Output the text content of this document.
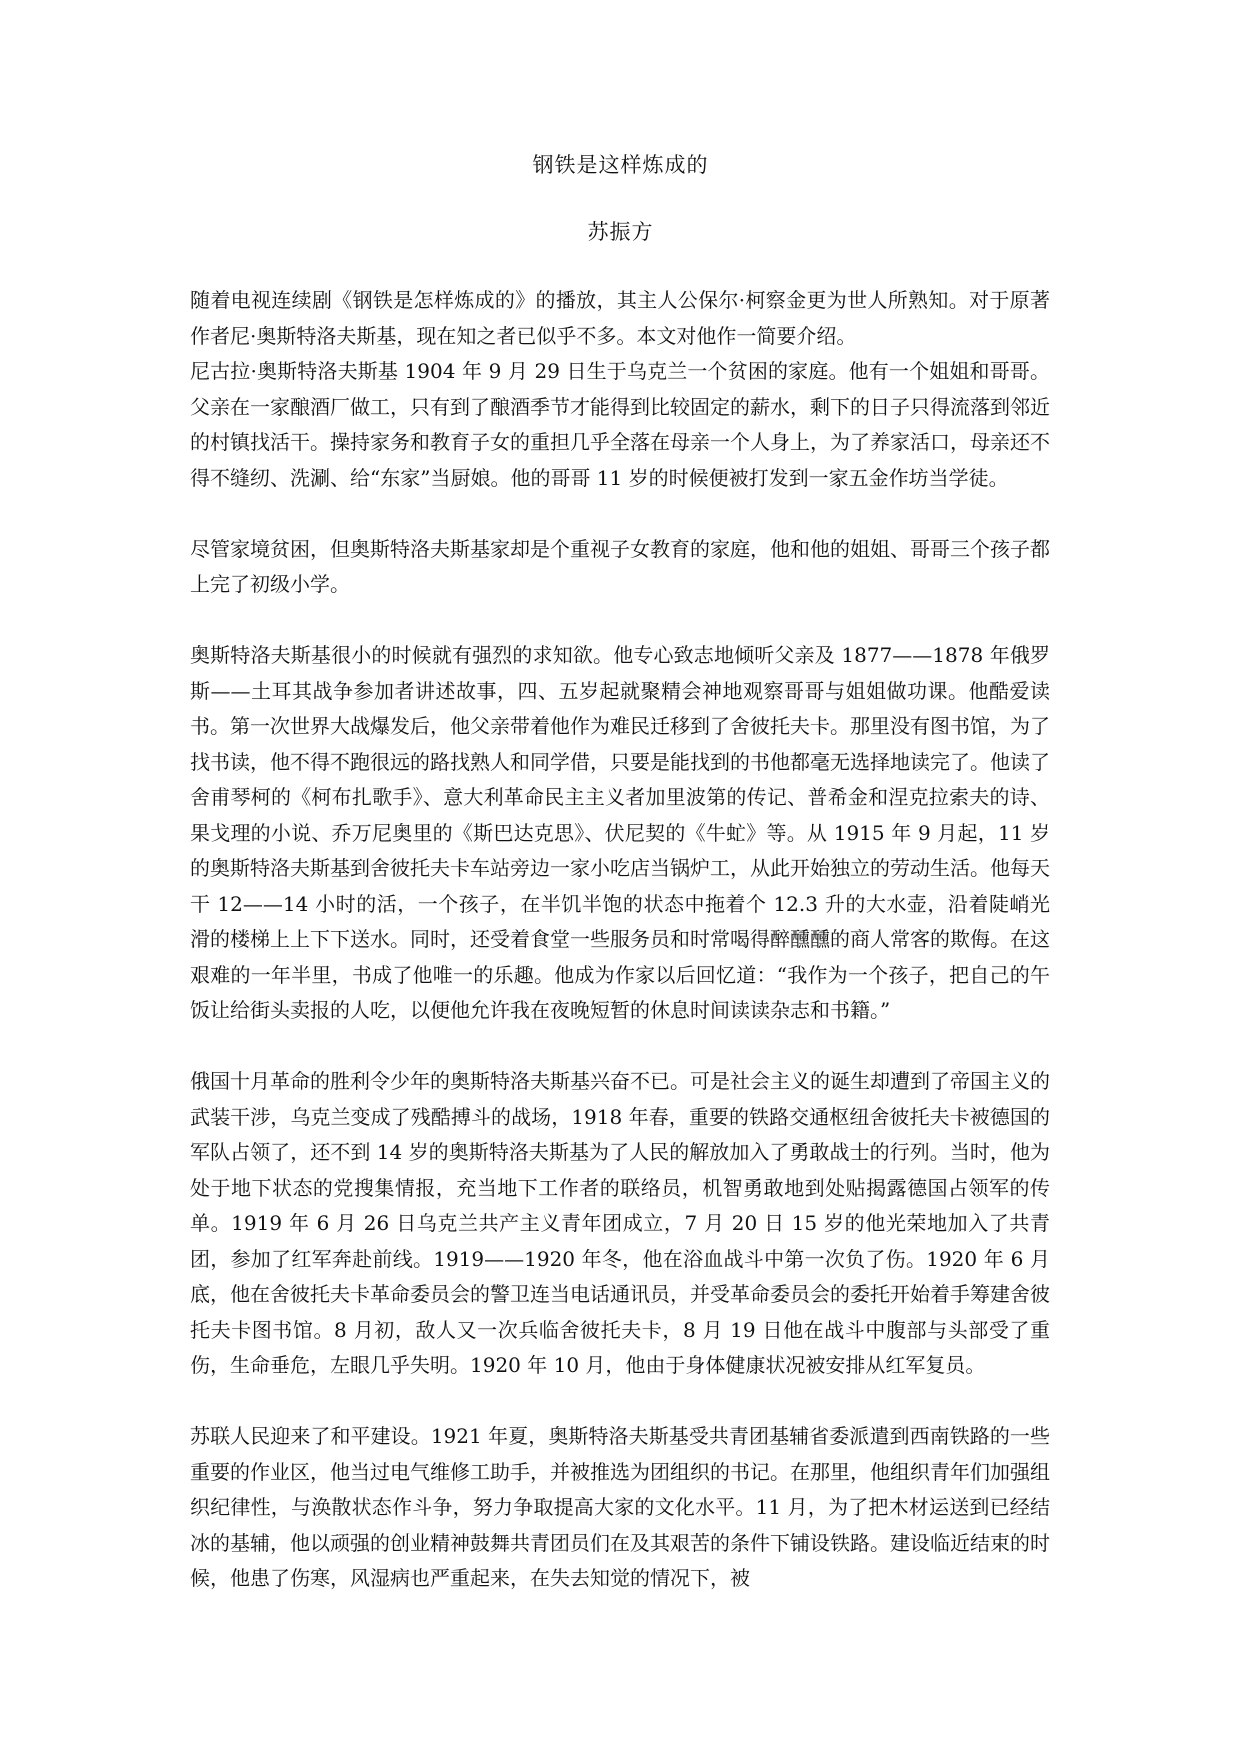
钢铁是这样炼成的
苏振方

随着电视连续剧《钢铁是怎样炼成的》的播放，其主人公保尔·柯察金更为世人所熟知。对于原著作者尼·奥斯特洛夫斯基，现在知之者已似乎不多。本文对他作一简要介绍。

尼古拉·奥斯特洛夫斯基 1904 年 9 月 29 日生于乌克兰一个贫困的家庭。他有一个姐姐和哥哥。父亲在一家酿酒厂做工，只有到了酿酒季节才能得到比较固定的薪水，剩下的日子只得流落到邻近的村镇找活干。操持家务和教育子女的重担几乎全落在母亲一个人身上，为了养家活口，母亲还不得不缝纫、洗涮、给“东家”当厨娘。他的哥哥 11 岁的时候便被打发到一家五金作坊当学徒。

尽管家境贫困，但奥斯特洛夫斯基家却是个重视子女教育的家庭，他和他的姐姐、哥哥三个孩子都上完了初级小学。

奥斯特洛夫斯基很小的时候就有强烈的求知欲。他专心致志地倾听父亲及 1877——1878 年俄罗斯——土耳其战争参加者讲述故事，四、五岁起就聚精会神地观察哥哥与姐姐做功课。他酷爱读书。第一次世界大战爆发后，他父亲带着他作为难民迁移到了舍彼托夫卡。那里没有图书馆，为了找书读，他不得不跑很远的路找熟人和同学借，只要是能找到的书他都毫无选择地读完了。他读了舍甫琴柯的《柯布扎歌手》、意大利革命民主主义者加里波第的传记、普希金和涅克拉索夫的诗、果戈理的小说、乔万尼奥里的《斯巴达克思》、伏尼契的《牛虻》等。从 1915 年 9 月起，11 岁的奥斯特洛夫斯基到舍彼托夫卡车站旁边一家小吃店当锅炉工，从此开始独立的劳动生活。他每天干 12——14 小时的活，一个孩子，在半饥半饱的状态中拖着个 12.3 升的大水壶，沿着陡峭光滑的楼梯上上下下送水。同时，还受着食堂一些服务员和时常喝得醉醺醺的商人常客的欺侮。在这艰难的一年半里，书成了他唯一的乐趣。他成为作家以后回忆道：“我作为一个孩子，把自己的午饭让给街头卖报的人吃，以便他允许我在夜晚短暂的休息时间读读杂志和书籍。”

俄国十月革命的胜利令少年的奥斯特洛夫斯基兴奋不已。可是社会主义的诞生却遭到了帝国主义的武装干涉，乌克兰变成了残酷搏斗的战场，1918 年春，重要的铁路交通枢纽舍彼托夫卡被德国的军队占领了，还不到 14 岁的奥斯特洛夫斯基为了人民的解放加入了勇敢战士的行列。当时，他为处于地下状态的党搜集情报，充当地下工作者的联络员，机智勇敢地到处贴揭露德国占领军的传单。1919 年 6 月 26 日乌克兰共产主义青年团成立，7 月 20 日 15 岁的他光荣地加入了共青团，参加了红军奔赴前线。1919——1920 年冬，他在浴血战斗中第一次负了伤。1920 年 6 月底，他在舍彼托夫卡革命委员会的警卫连当电话通讯员，并受革命委员会的委托开始着手筹建舍彼托夫卡图书馆。8 月初，敌人又一次兵临舍彼托夫卡，8 月 19 日他在战斗中腹部与头部受了重伤，生命垂危，左眼几乎失明。1920 年 10 月，他由于身体健康状况被安排从红军复员。

苏联人民迎来了和平建设。1921 年夏，奥斯特洛夫斯基受共青团基辅省委派遣到西南铁路的一些重要的作业区，他当过电气维修工助手，并被推选为团组织的书记。在那里，他组织青年们加强组织纪律性，与涣散状态作斗争，努力争取提高大家的文化水平。11 月，为了把木材运送到已经结冰的基辅，他以顽强的创业精神鼓舞共青团员们在及其艰苦的条件下铺设铁路。建设临近结束的时候，他患了伤寒，风湿病也严重起来，在失去知觉的情况下，被
